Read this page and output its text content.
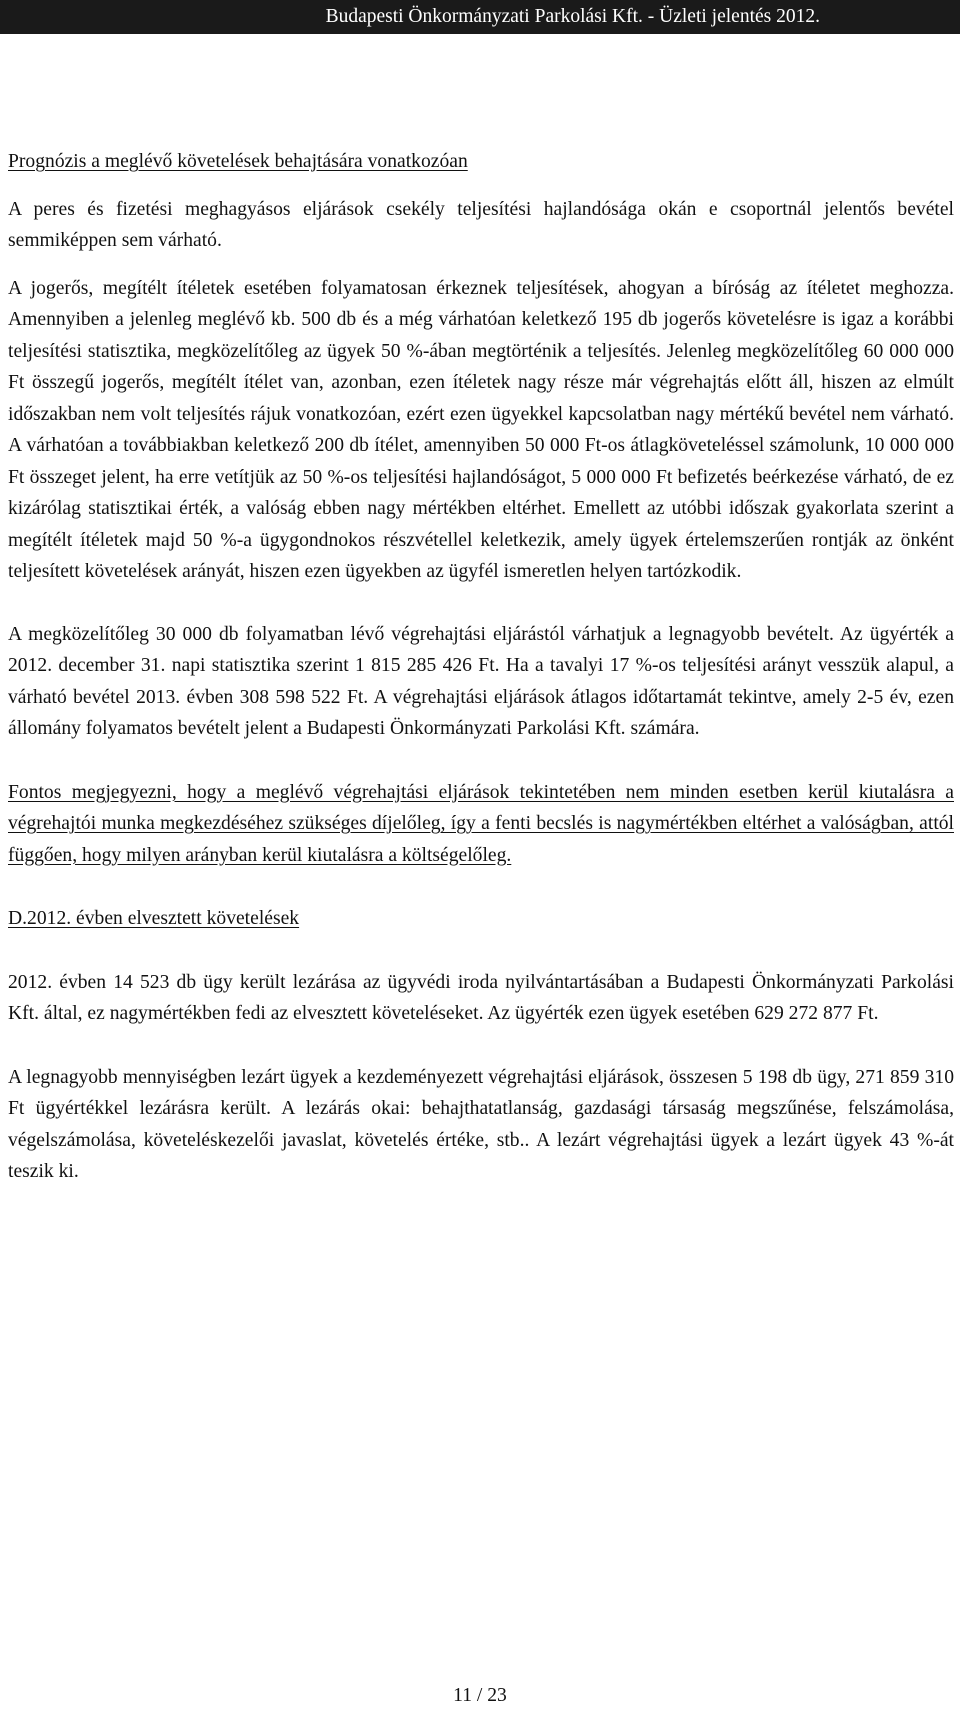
Budapesti Önkormányzati Parkolási Kft. - Üzleti jelentés 2012.

Prognózis a meglévő követelések behajtására vonatkozóan

A peres és fizetési meghagyásos eljárások csekély teljesítési hajlandósága okán e csoportnál jelentős bevétel semmiképpen sem várható.

A jogerős, megítélt ítéletek esetében folyamatosan érkeznek teljesítések, ahogyan a bíróság az ítéletet meghozza. Amennyiben a jelenleg meglévő kb. 500 db és a még várhatóan keletkező 195 db jogerős követelésre is igaz a korábbi teljesítési statisztika, megközelítőleg az ügyek 50 %-ában megtörténik a teljesítés. Jelenleg megközelítőleg 60 000 000 Ft összegű jogerős, megítélt ítélet van, azonban, ezen ítéletek nagy része már végrehajtás előtt áll, hiszen az elmúlt időszakban nem volt teljesítés rájuk vonatkozóan, ezért ezen ügyekkel kapcsolatban nagy mértékű bevétel nem várható. A várhatóan a továbbiakban keletkező 200 db ítélet, amennyiben 50 000 Ft-os átlagköveteléssel számolunk, 10 000 000 Ft összeget jelent, ha erre vetítjük az 50 %-os teljesítési hajlandóságot, 5 000 000 Ft befizetés beérkezése várható, de ez kizárólag statisztikai érték, a valóság ebben nagy mértékben eltérhet. Emellett az utóbbi időszak gyakorlata szerint a megítélt ítéletek majd 50 %-a ügygondnokos részvétellel keletkezik, amely ügyek értelemszerűen rontják az önként teljesített követelések arányát, hiszen ezen ügyekben az ügyfél ismeretlen helyen tartózkodik.

A megközelítőleg 30 000 db folyamatban lévő végrehajtási eljárástól várhatjuk a legnagyobb bevételt. Az ügyérték a 2012. december 31. napi statisztika szerint 1 815 285 426 Ft. Ha a tavalyi 17 %-os teljesítési arányt vesszük alapul, a várható bevétel 2013. évben 308 598 522 Ft. A végrehajtási eljárások átlagos időtartamát tekintve, amely 2-5 év, ezen állomány folyamatos bevételt jelent a Budapesti Önkormányzati Parkolási Kft. számára.

Fontos megjegyezni, hogy a meglévő végrehajtási eljárások tekintetében nem minden esetben kerül kiutalásra a végrehajtói munka megkezdéséhez szükséges díjelőleg, így a fenti becslés is nagymértékben eltérhet a valóságban, attól függően, hogy milyen arányban kerül kiutalásra a költségelőleg.

D.2012. évben elvesztett követelések

2012. évben 14 523 db ügy került lezárása az ügyvédi iroda nyilvántartásában a Budapesti Önkormányzati Parkolási Kft. által, ez nagymértékben fedi az elvesztett követeléseket. Az ügyérték ezen ügyek esetében 629 272 877 Ft.

A legnagyobb mennyiségben lezárt ügyek a kezdeményezett végrehajtási eljárások, összesen 5 198 db ügy, 271 859 310 Ft ügyértékkel lezárásra került. A lezárás okai: behajthatatlanság, gazdasági társaság megszűnése, felszámolása, végelszámolása, követeléskezelői javaslat, követelés értéke, stb.. A lezárt végrehajtási ügyek a lezárt ügyek 43 %-át teszik ki.

11 / 23
